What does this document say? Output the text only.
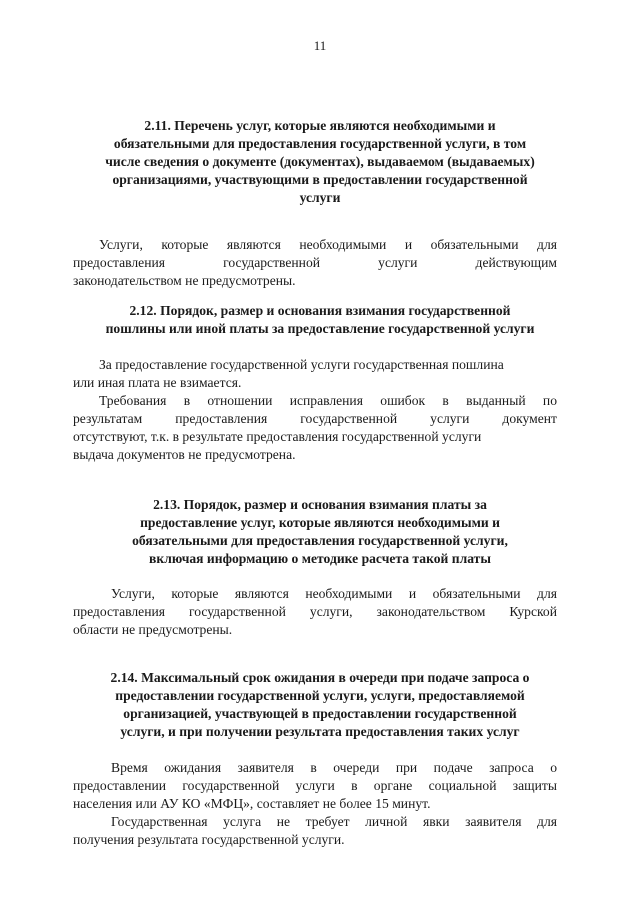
11
2.11. Перечень услуг, которые являются необходимыми и
обязательными для предоставления государственной услуги, в том
числе сведения о документе (документах), выдаваемом (выдаваемых)
организациями, участвующими в предоставлении государственной
услуги
Услуги, которые являются необходимыми и обязательными для
предоставления государственной услуги действующим
законодательством не предусмотрены.
2.12. Порядок, размер и основания взимания государственной
пошлины или иной платы за предоставление государственной услуги
За предоставление государственной услуги государственная пошлина
или иная плата не взимается.
Требования в отношении исправления ошибок в выданный по
результатам предоставления государственной услуги документ
отсутствуют, т.к. в результате предоставления государственной услуги
выдача документов не предусмотрена.
2.13. Порядок, размер и основания взимания платы за
предоставление услуг, которые являются необходимыми и
обязательными для предоставления государственной услуги,
включая информацию о методике расчета такой платы
Услуги, которые являются необходимыми и обязательными для
предоставления государственной услуги, законодательством Курской
области не предусмотрены.
2.14. Максимальный срок ожидания в очереди при подаче запроса о
предоставлении государственной услуги, услуги, предоставляемой
организацией, участвующей в предоставлении государственной
услуги, и при получении результата предоставления таких услуг
Время ожидания заявителя в очереди при подаче запроса о
предоставлении государственной услуги в органе социальной защиты
населения или АУ КО «МФЦ», составляет не более 15 минут.
Государственная услуга не требует личной явки заявителя для
получения результата государственной услуги.
